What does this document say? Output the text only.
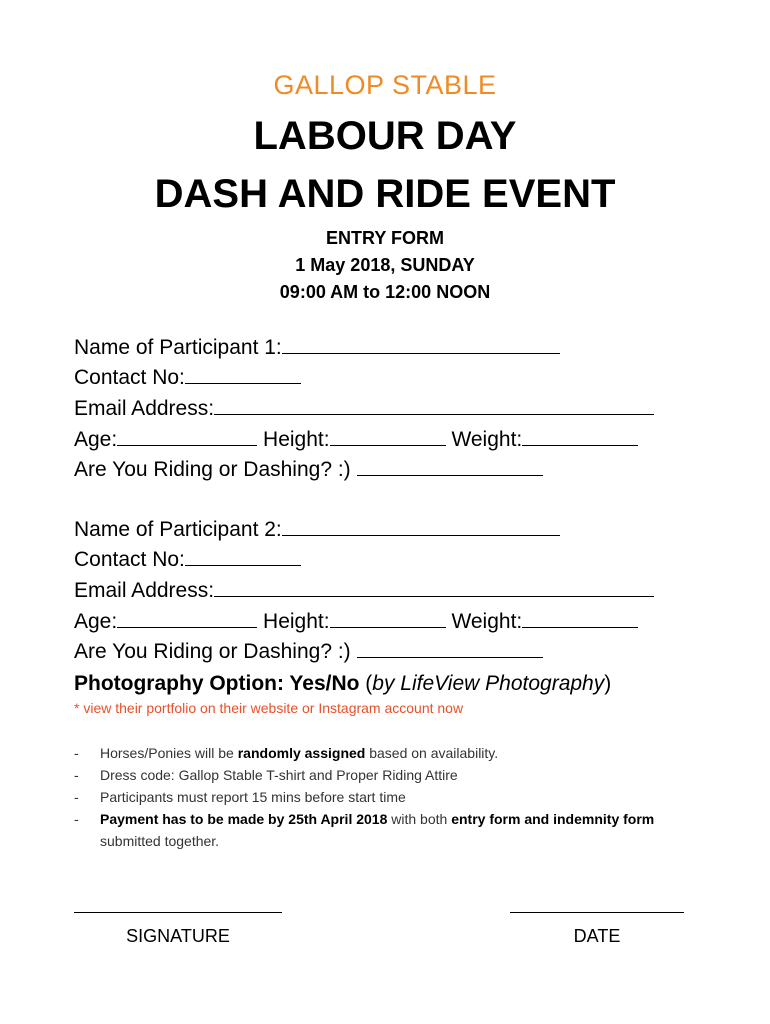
GALLOP STABLE
LABOUR DAY
DASH AND RIDE EVENT
ENTRY FORM
1 May 2018, SUNDAY
09:00 AM to 12:00 NOON
Name of Participant 1:
Contact No:
Email Address:
Age:	Height:	Weight:
Are You Riding or Dashing? :)
Name of Participant 2:
Contact No:
Email Address:
Age:	Height:	Weight:
Are You Riding or Dashing? :)
Photography Option: Yes/No (by LifeView Photography)
* view their portfolio on their website or Instagram account now
- Horses/Ponies will be randomly assigned based on availability.
- Dress code: Gallop Stable T-shirt and Proper Riding Attire
- Participants must report 15 mins before start time
- Payment has to be made by 25th April 2018 with both entry form and indemnity form submitted together.
SIGNATURE	DATE
